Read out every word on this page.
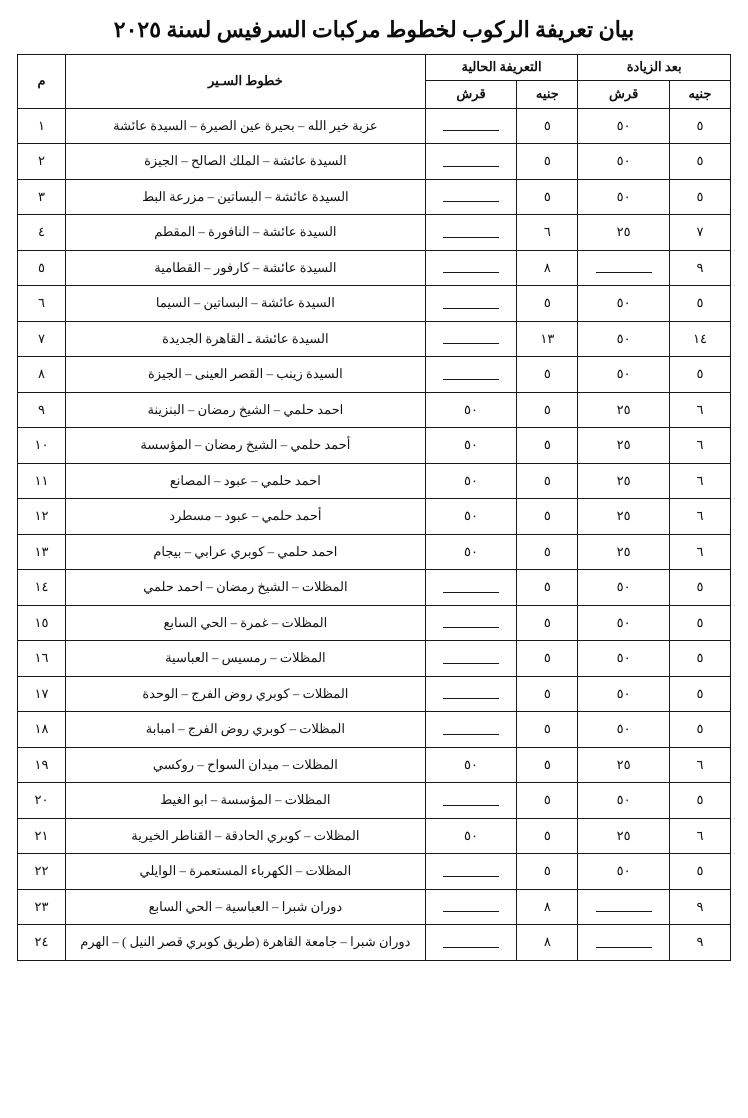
بيان تعريفة الركوب لخطوط مركبات السرفيس لسنة ٢٠٢٥
بعد الزيادة		التعريفة الحالية		خطوط السـير	م
جنيه	قرش	جنيه	قرش		
٥	٥٠	٥		عزبة خير الله – بحيرة عين الصيرة – السيدة عائشة	١
٥	٥٠	٥		السيدة عائشة – الملك الصالح – الجيزة	٢
٥	٥٠	٥		السيدة عائشة – البساتين – مزرعة البط	٣
٧	٢٥	٦		السيدة عائشة – النافورة – المقطم	٤
٩		٨		السيدة عائشة – كارفور – القطامية	٥
٥	٥٠	٥		السيدة عائشة – البساتين – السيما	٦
١٤	٥٠	١٣		السيدة عائشة ـ القاهرة الجديدة	٧
٥	٥٠	٥		السيدة زينب – القصر العينى – الجيزة	٨
٦	٢٥	٥	٥٠	احمد حلمي – الشيخ رمضان – البنزينة	٩
٦	٢٥	٥	٥٠	أحمد حلمي – الشيخ رمضان – المؤسسة	١٠
٦	٢٥	٥	٥٠	احمد حلمي – عبود – المصانع	١١
٦	٢٥	٥	٥٠	أحمد حلمي – عبود – مسطرد	١٢
٦	٢٥	٥	٥٠	احمد حلمي – كوبري عرابي – بيجام	١٣
٥	٥٠	٥		المظلات – الشيخ رمضان – احمد حلمي	١٤
٥	٥٠	٥		المظلات – غمرة – الحي السابع	١٥
٥	٥٠	٥		المظلات – رمسيس – العباسية	١٦
٥	٥٠	٥		المظلات – كوبري روض الفرج – الوحدة	١٧
٥	٥٠	٥		المظلات – كوبري روض الفرج – امبابة	١٨
٦	٢٥	٥	٥٠	المظلات – ميدان السواح – روكسي	١٩
٥	٥٠	٥		المظلات – المؤسسة – ابو الغيط	٢٠
٦	٢٥	٥	٥٠	المظلات – كوبري الحادقة – القناطر الخيرية	٢١
٥	٥٠	٥		المظلات – الكهرباء المستعمرة – الوايلي	٢٢
٩		٨		دوران شبرا – العباسية – الحي السابع	٢٣
٩		٨		دوران شبرا – جامعة القاهرة (طريق كوبري قصر النيل ) – الهرم	٢٤
